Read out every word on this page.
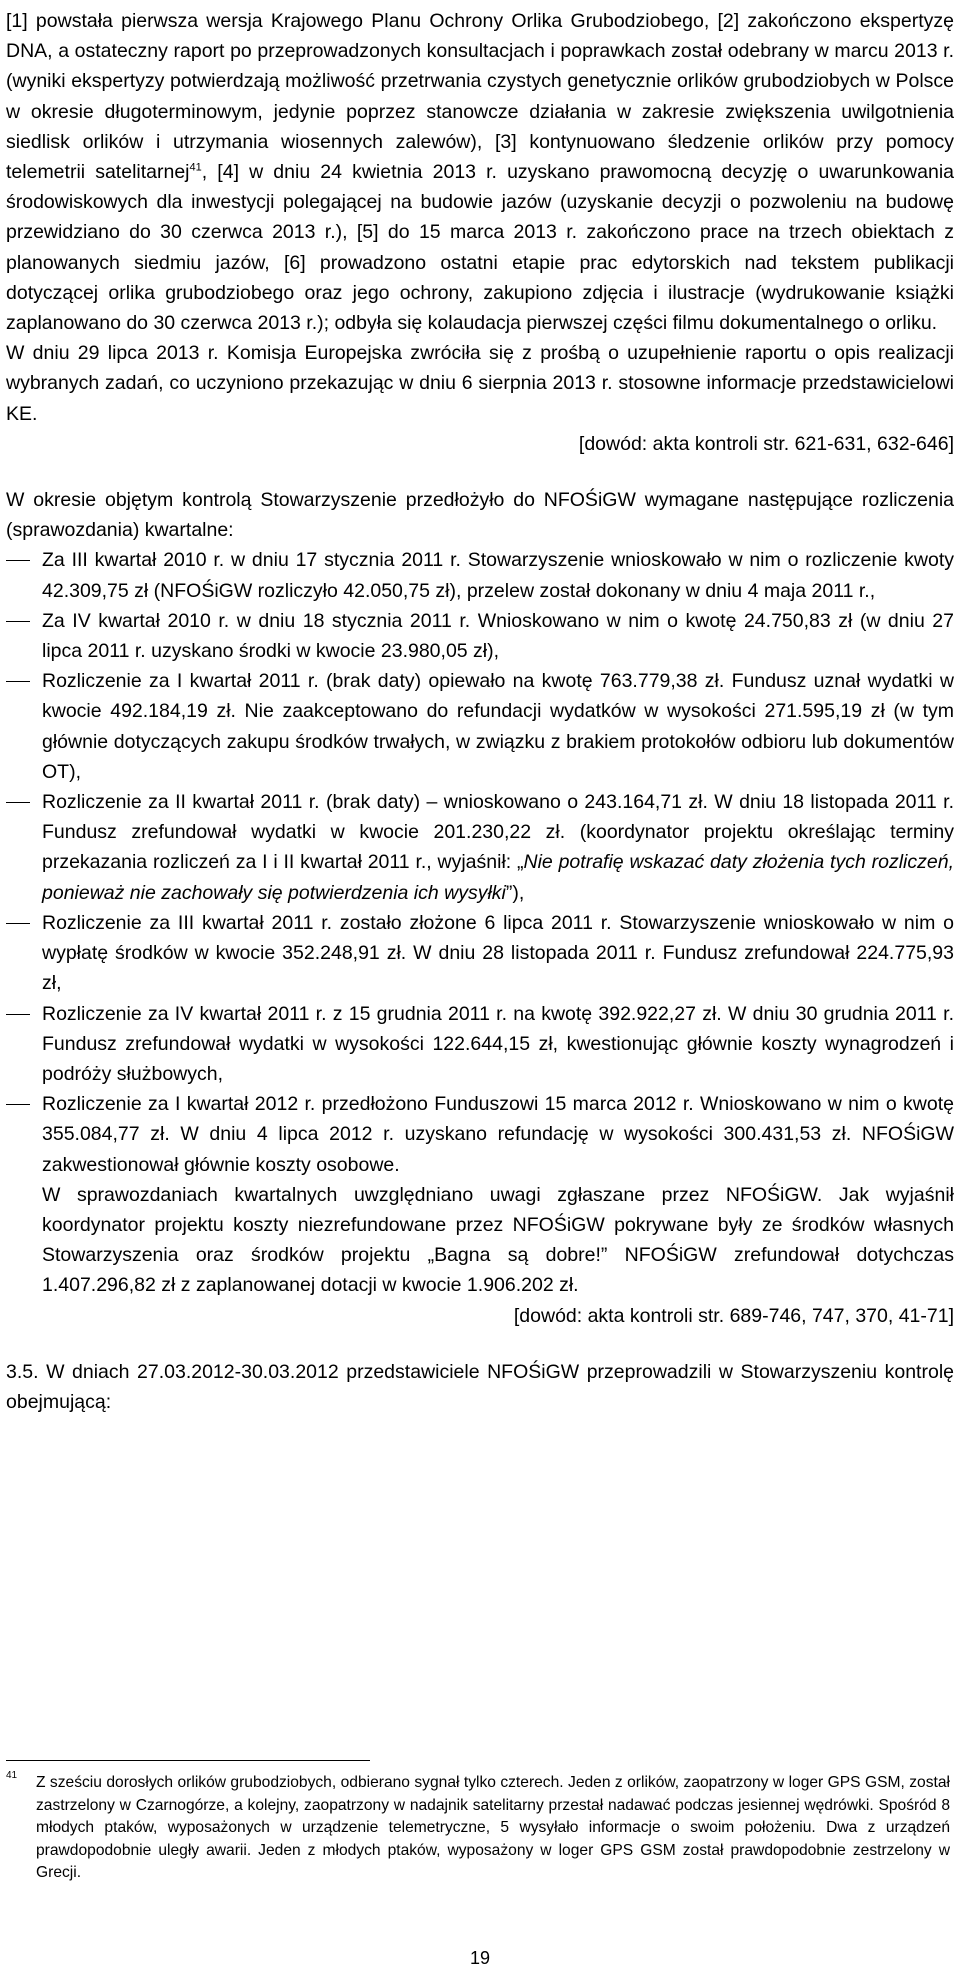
[1] powstała pierwsza wersja Krajowego Planu Ochrony Orlika Grubodziobego, [2] zakończono ekspertyzę DNA, a ostateczny raport po przeprowadzonych konsultacjach i poprawkach został odebrany w marcu 2013 r. (wyniki ekspertyzy potwierdzają możliwość przetrwania czystych genetycznie orlików grubodziobych w Polsce w okresie długoterminowym, jedynie poprzez stanowcze działania w zakresie zwiększenia uwilgotnienia siedlisk orlików i utrzymania wiosennych zalewów), [3] kontynuowano śledzenie orlików przy pomocy telemetrii satelitarnej$^{41}$, [4] w dniu 24 kwietnia 2013 r. uzyskano prawomocną decyzję o uwarunkowania środowiskowych dla inwestycji polegającej na budowie jazów (uzyskanie decyzji o pozwoleniu na budowę przewidziano do 30 czerwca 2013 r.), [5] do 15 marca 2013 r. zakończono prace na trzech obiektach z planowanych siedmiu jazów, [6] prowadzono ostatni etapie prac edytorskich nad tekstem publikacji dotyczącej orlika grubodziobego oraz jego ochrony, zakupiono zdjęcia i ilustracje (wydrukowanie książki zaplanowano do 30 czerwca 2013 r.); odbyła się kolaudacja pierwszej części filmu dokumentalnego o orliku.

W dniu 29 lipca 2013 r. Komisja Europejska zwróciła się z prośbą o uzupełnienie raportu o opis realizacji wybranych zadań, co uczyniono przekazując w dniu 6 sierpnia 2013 r. stosowne informacje przedstawicielowi KE.

[dowód: akta kontroli str. 621-631, 632-646]

W okresie objętym kontrolą Stowarzyszenie przedłożyło do NFOŚiGW wymagane następujące rozliczenia (sprawozdania) kwartalne:

Za III kwartał 2010 r. w dniu 17 stycznia 2011 r. Stowarzyszenie wnioskowało w nim o rozliczenie kwoty 42.309,75 zł (NFOŚiGW rozliczyło 42.050,75 zł), przelew został dokonany w dniu 4 maja 2011 r.,
Za IV kwartał 2010 r. w dniu 18 stycznia 2011 r. Wnioskowano w nim o kwotę 24.750,83 zł (w dniu 27 lipca 2011 r. uzyskano środki w kwocie 23.980,05 zł),
Rozliczenie za I kwartał 2011 r. (brak daty) opiewało na kwotę 763.779,38 zł. Fundusz uznał wydatki w kwocie 492.184,19 zł. Nie zaakceptowano do refundacji wydatków w wysokości 271.595,19 zł (w tym głównie dotyczących zakupu środków trwałych, w związku z brakiem protokołów odbioru lub dokumentów OT),
Rozliczenie za II kwartał 2011 r. (brak daty) – wnioskowano o 243.164,71 zł. W dniu 18 listopada 2011 r. Fundusz zrefundował wydatki w kwocie 201.230,22 zł. (koordynator projektu określając terminy przekazania rozliczeń za I i II kwartał 2011 r., wyjaśnił: „Nie potrafię wskazać daty złożenia tych rozliczeń, ponieważ nie zachowały się potwierdzenia ich wysyłki”),
Rozliczenie za III kwartał 2011 r. zostało złożone 6 lipca 2011 r. Stowarzyszenie wnioskowało w nim o wypłatę środków w kwocie 352.248,91 zł. W dniu 28 listopada 2011 r. Fundusz zrefundował 224.775,93 zł,
Rozliczenie za IV kwartał 2011 r. z 15 grudnia 2011 r. na kwotę 392.922,27 zł. W dniu 30 grudnia 2011 r. Fundusz zrefundował wydatki w wysokości 122.644,15 zł, kwestionując głównie koszty wynagrodzeń i podróży służbowych,
Rozliczenie za I kwartał 2012 r. przedłożono Funduszowi 15 marca 2012 r. Wnioskowano w nim o kwotę 355.084,77 zł. W dniu 4 lipca 2012 r. uzyskano refundację w wysokości 300.431,53 zł. NFOŚiGW zakwestionował głównie koszty osobowe.

W sprawozdaniach kwartalnych uwzględniano uwagi zgłaszane przez NFOŚiGW. Jak wyjaśnił koordynator projektu koszty niezrefundowane przez NFOŚiGW pokrywane były ze środków własnych Stowarzyszenia oraz środków projektu „Bagna są dobre!” NFOŚiGW zrefundował dotychczas 1.407.296,82 zł z zaplanowanej dotacji w kwocie 1.906.202 zł.

[dowód: akta kontroli str. 689-746, 747, 370, 41-71]

3.5. W dniach 27.03.2012-30.03.2012 przedstawiciele NFOŚiGW przeprowadzili w Stowarzyszeniu kontrolę obejmującą:

41	Z sześciu dorosłych orlików grubodziobych, odbierano sygnał tylko czterech. Jeden z orlików, zaopatrzony w loger GPS GSM, został zastrzelony w Czarnogórze, a kolejny, zaopatrzony w nadajnik satelitarny przestał nadawać podczas jesiennej wędrówki. Spośród 8 młodych ptaków, wyposażonych w urządzenie telemetryczne, 5 wysyłało informacje o swoim położeniu. Dwa z urządzeń prawdopodobnie uległy awarii. Jeden z młodych ptaków, wyposażony w loger GPS GSM został prawdopodobnie zestrzelony w Grecji.
19
